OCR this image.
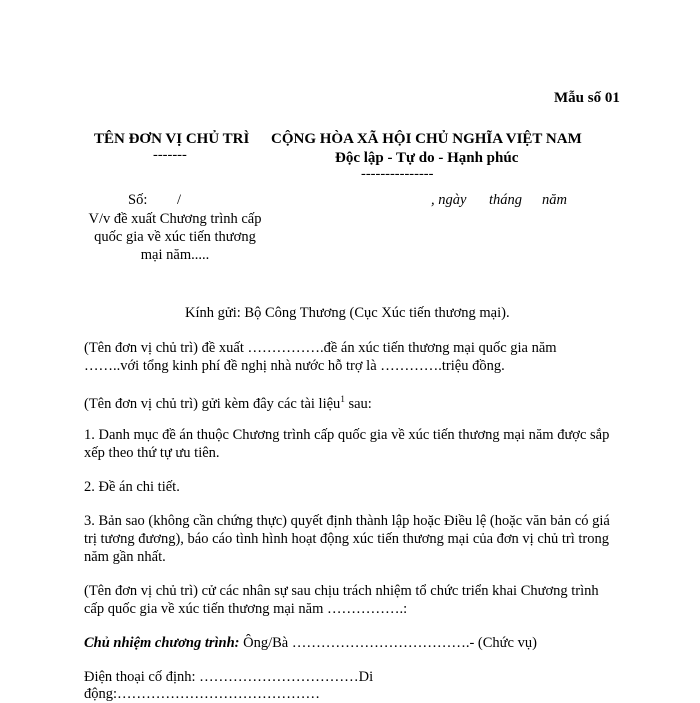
Mẫu số 01
TÊN ĐƠN VỊ CHỦ TRÌ
-------
CỘNG HÒA XÃ HỘI CHỦ NGHĨA VIỆT NAM
Độc lập - Tự do - Hạnh phúc
---------------
Số: /	, ngày tháng năm
V/v đề xuất Chương trình cấp
quốc gia về xúc tiến thương
mại năm.....
Kính gửi: Bộ Công Thương (Cục Xúc tiến thương mại).
(Tên đơn vị chủ trì) đề xuất …………….đề án xúc tiến thương mại quốc gia năm
……..với tổng kinh phí đề nghị nhà nước hỗ trợ là ………….triệu đồng.
(Tên đơn vị chủ trì) gửi kèm đây các tài liệu$^1$ sau:
1. Danh mục đề án thuộc Chương trình cấp quốc gia về xúc tiến thương mại năm được sắp xếp theo thứ tự ưu tiên.
2. Đề án chi tiết.
3. Bản sao (không cần chứng thực) quyết định thành lập hoặc Điều lệ (hoặc văn bản có giá trị tương đương), báo cáo tình hình hoạt động xúc tiến thương mại của đơn vị chủ trì trong năm gần nhất.
(Tên đơn vị chủ trì) cử các nhân sự sau chịu trách nhiệm tổ chức triển khai Chương trình cấp quốc gia về xúc tiến thương mại năm …………….:
Chủ nhiệm chương trình: Ông/Bà ……………………………….- (Chức vụ)
Điện thoại cố định: ……………………………Di
động:……………………………………
